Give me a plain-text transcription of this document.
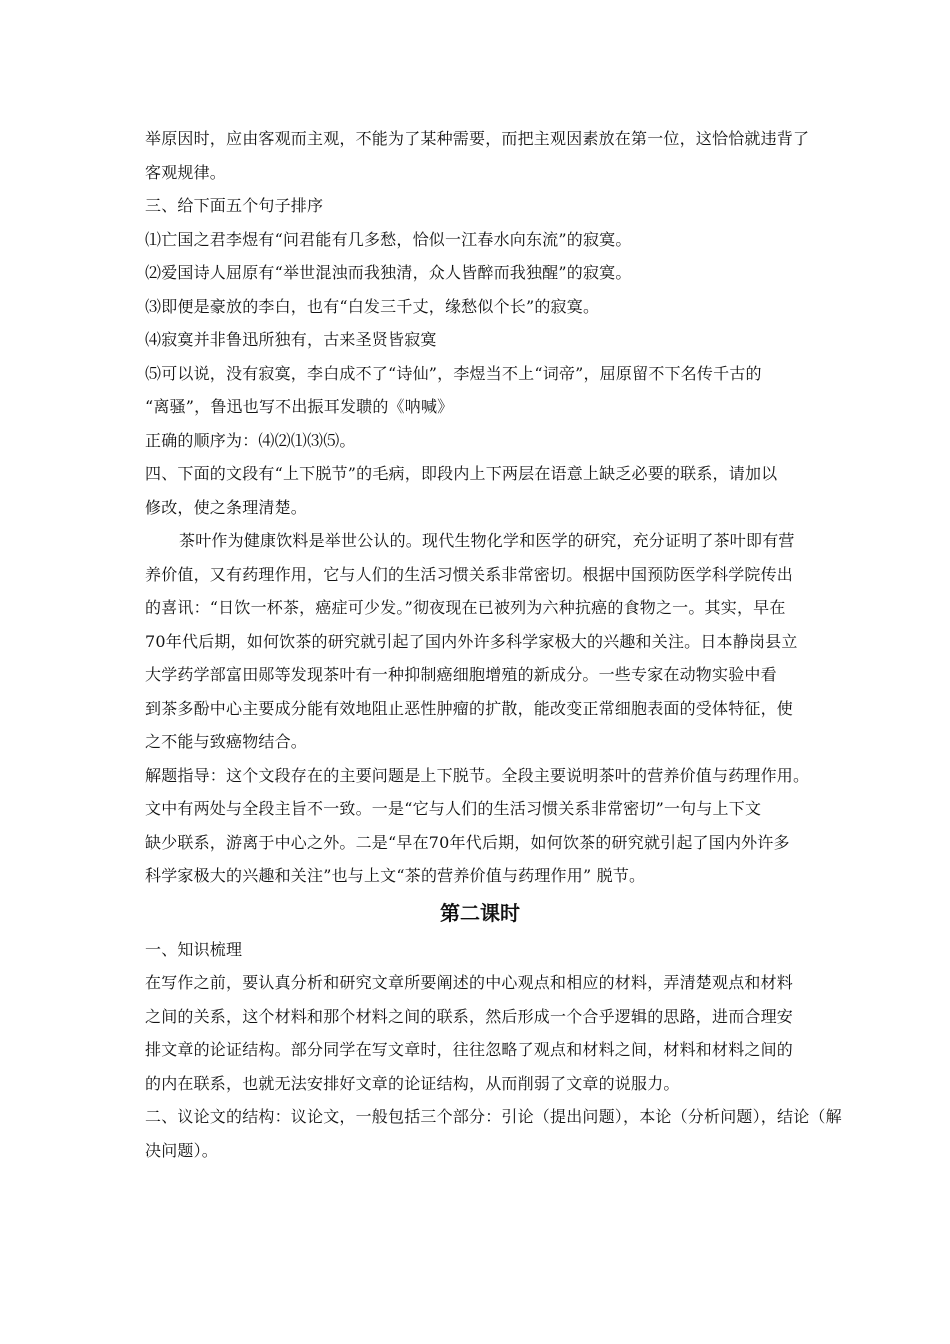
举原因时，应由客观而主观，不能为了某种需要，而把主观因素放在第一位，这恰恰就违背了
客观规律。
三、给下面五个句子排序
⑴亡国之君李煜有“问君能有几多愁，恰似一江春水向东流”的寂寞。
⑵爱国诗人屈原有“举世混浊而我独清，众人皆醉而我独醒”的寂寞。
⑶即便是豪放的李白，也有“白发三千丈，缘愁似个长”的寂寞。
⑷寂寞并非鲁迅所独有，古来圣贤皆寂寞
⑸可以说，没有寂寞，李白成不了“诗仙”，李煜当不上“词帝”，屈原留不下名传千古的
“离骚”，鲁迅也写不出振耳发聩的《呐喊》
正确的顺序为：⑷⑵⑴⑶⑸。
四、下面的文段有“上下脱节”的毛病，即段内上下两层在语意上缺乏必要的联系，请加以
修改，使之条理清楚。
茶叶作为健康饮料是举世公认的。现代生物化学和医学的研究，充分证明了茶叶即有营
养价值，又有药理作用，它与人们的生活习惯关系非常密切。根据中国预防医学科学院传出
的喜讯：“日饮一杯茶，癌症可少发。”彻夜现在已被列为六种抗癌的食物之一。其实，早在
70年代后期，如何饮茶的研究就引起了国内外许多科学家极大的兴趣和关注。日本静岗县立
大学药学部富田郧等发现茶叶有一种抑制癌细胞增殖的新成分。一些专家在动物实验中看
到茶多酚中心主要成分能有效地阻止恶性肿瘤的扩散，能改变正常细胞表面的受体特征，使
之不能与致癌物结合。
解题指导：这个文段存在的主要问题是上下脱节。全段主要说明茶叶的营养价值与药理作用。
文中有两处与全段主旨不一致。一是“它与人们的生活习惯关系非常密切”一句与上下文
缺少联系，游离于中心之外。二是“早在70年代后期，如何饮茶的研究就引起了国内外许多
科学家极大的兴趣和关注”也与上文“茶的营养价值与药理作用” 脱节。
第二课时
一、知识梳理
在写作之前，要认真分析和研究文章所要阐述的中心观点和相应的材料，弄清楚观点和材料
之间的关系，这个材料和那个材料之间的联系，然后形成一个合乎逻辑的思路，进而合理安
排文章的论证结构。部分同学在写文章时，往往忽略了观点和材料之间，材料和材料之间的
的内在联系，也就无法安排好文章的论证结构，从而削弱了文章的说服力。
二、议论文的结构：议论文，一般包括三个部分：引论（提出问题），本论（分析问题），结论（解
决问题）。
